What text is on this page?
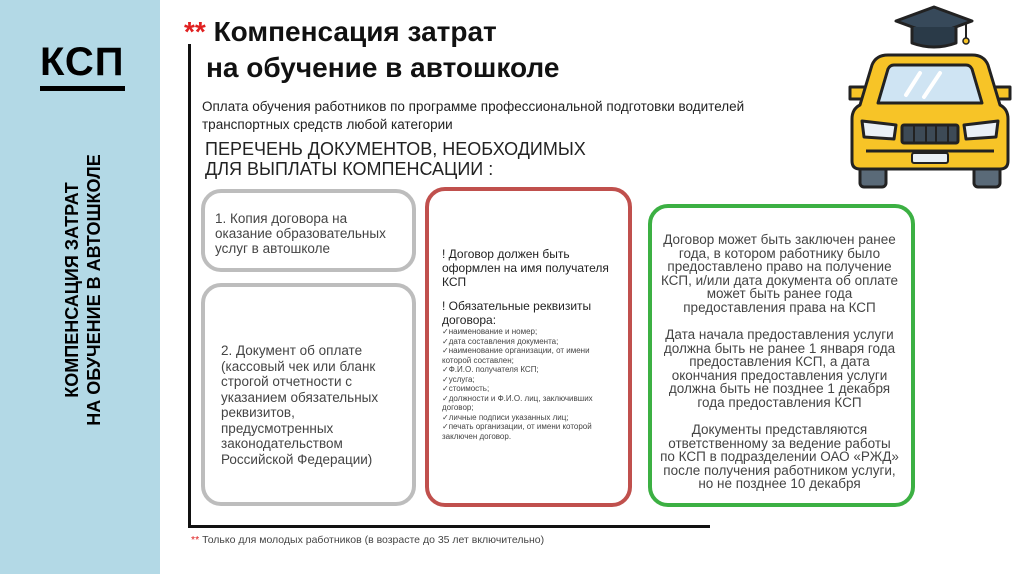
КСП
КОМПЕНСАЦИЯ ЗАТРАТ НА ОБУЧЕНИЕ В АВТОШКОЛЕ
** Компенсация затрат
на обучение в автошколе
Оплата обучения работников по программе профессиональной подготовки водителей транспортных средств любой категории
ПЕРЕЧЕНЬ ДОКУМЕНТОВ, НЕОБХОДИМЫХ
ДЛЯ ВЫПЛАТЫ КОМПЕНСАЦИИ :
1. Копия договора на оказание образовательных услуг в автошколе
2. Документ об оплате (кассовый чек или бланк строгой отчетности с указанием обязательных реквизитов, предусмотренных законодательством Российской Федерации)
! Договор должен быть оформлен на имя получателя КСП
! Обязательные реквизиты договора:
✓ наименование и номер;
✓ дата составления документа;
✓ наименование организации, от имени которой составлен;
✓ Ф.И.О. получателя КСП;
✓ услуга;
✓ стоимость;
✓ должности и Ф.И.О. лиц, заключивших договор;
✓ личные подписи указанных лиц;
✓ печать организации, от имени которой заключен договор.

Договор может быть заключен ранее года, в котором работнику было предоставлено право на получение КСП, и/или дата документа об оплате может быть ранее года предоставления права на КСП

Дата начала предоставления услуги должна быть не ранее 1 января года предоставления КСП, а дата окончания предоставления услуги должна быть не позднее 1 декабря года предоставления КСП

Документы представляются ответственному за ведение работы по КСП в подразделении ОАО «РЖД» после получения работником услуги, но не позднее 10 декабря

** Только для молодых работников (в возрасте до 35 лет включительно)
